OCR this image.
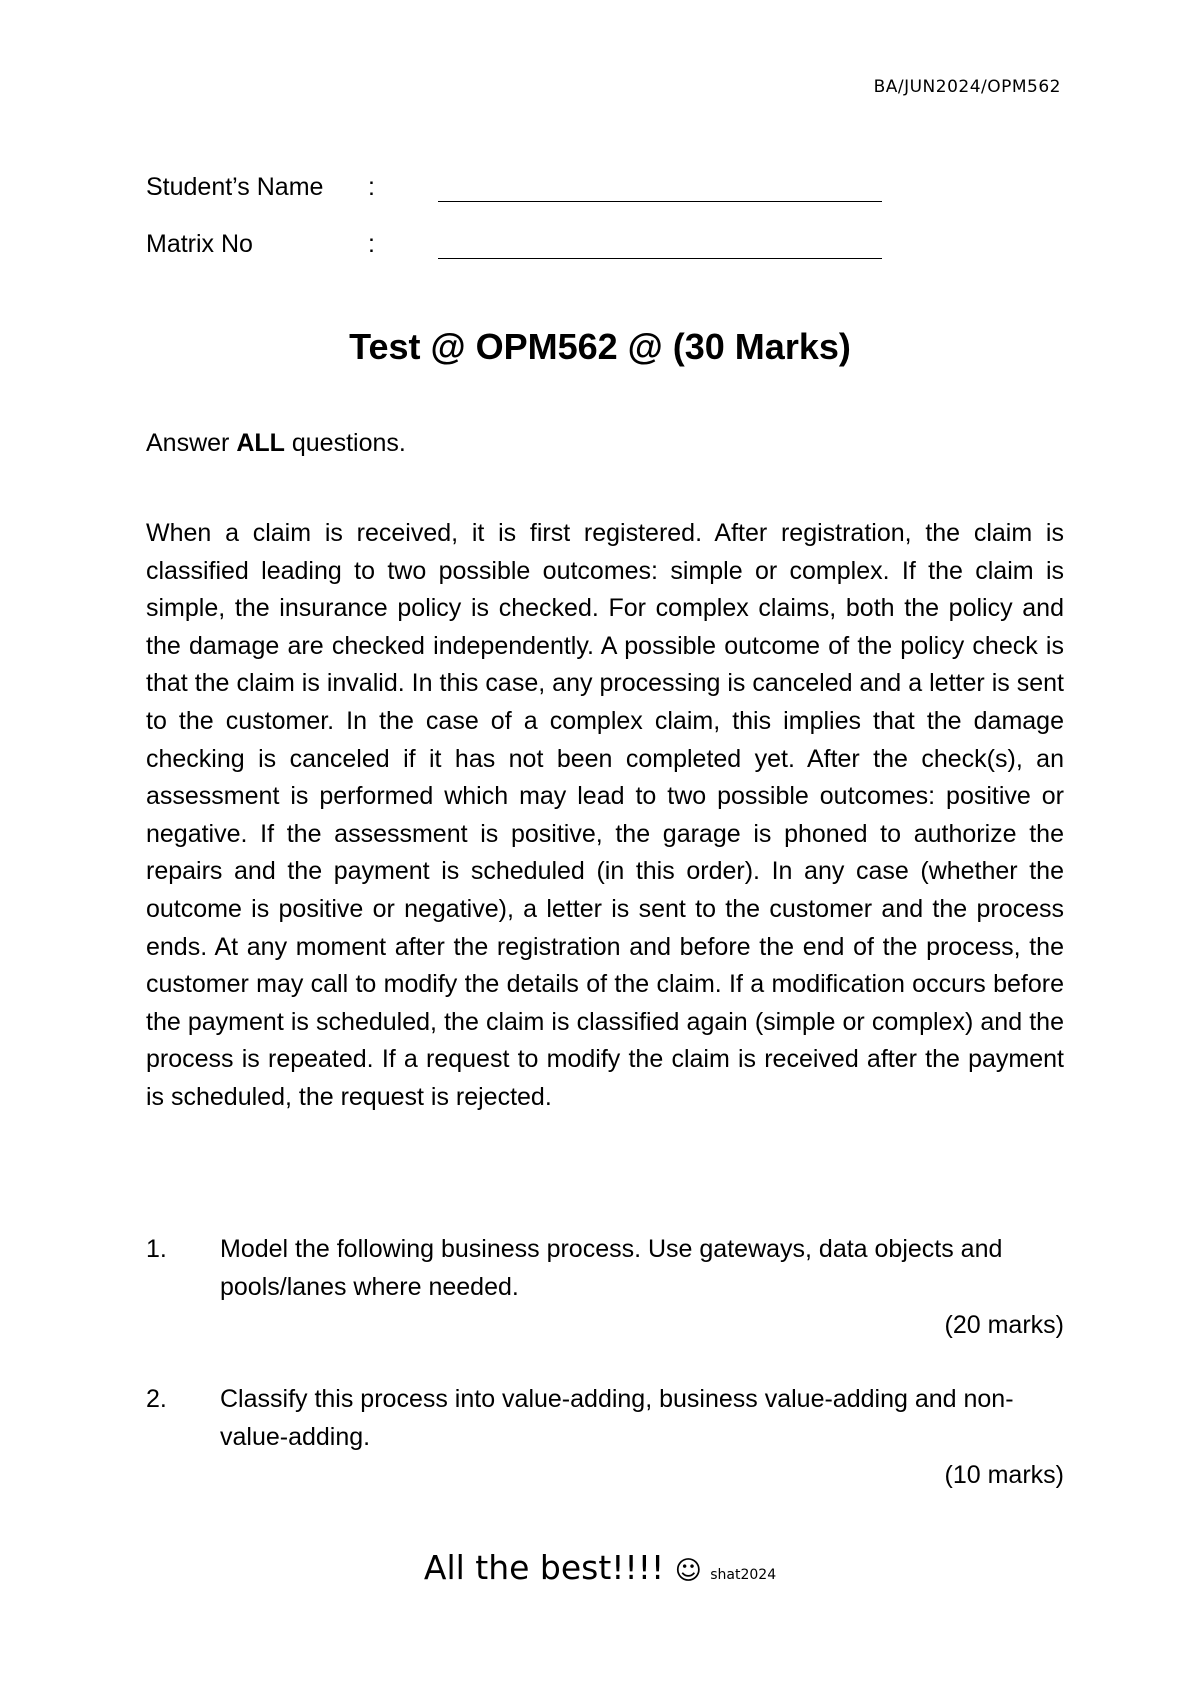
BA/JUN2024/OPM562
Student’s Name :
Matrix No	:
Test @ OPM562 @ (30 Marks)
Answer ALL questions.

When a claim is received, it is first registered. After registration, the claim is classified leading to two possible outcomes: simple or complex. If the claim is simple, the insurance policy is checked. For complex claims, both the policy and the damage are checked independently. A possible outcome of the policy check is that the claim is invalid. In this case, any processing is canceled and a letter is sent to the customer. In the case of a complex claim, this implies that the damage checking is canceled if it has not been completed yet. After the check(s), an assessment is performed which may lead to two possible outcomes: positive or negative. If the assessment is positive, the garage is phoned to authorize the repairs and the payment is scheduled (in this order). In any case (whether the outcome is positive or negative), a letter is sent to the customer and the process ends. At any moment after the registration and before the end of the process, the customer may call to modify the details of the claim. If a modification occurs before the payment is scheduled, the claim is classified again (simple or complex) and the process is repeated. If a request to modify the claim is received after the payment is scheduled, the request is rejected.

1. Model the following business process. Use gateways, data objects and pools/lanes where needed.
(20 marks)
2. Classify this process into value-adding, business value-adding and non-value-adding.
(10 marks)
All the best!!!! ☺ shat2024
